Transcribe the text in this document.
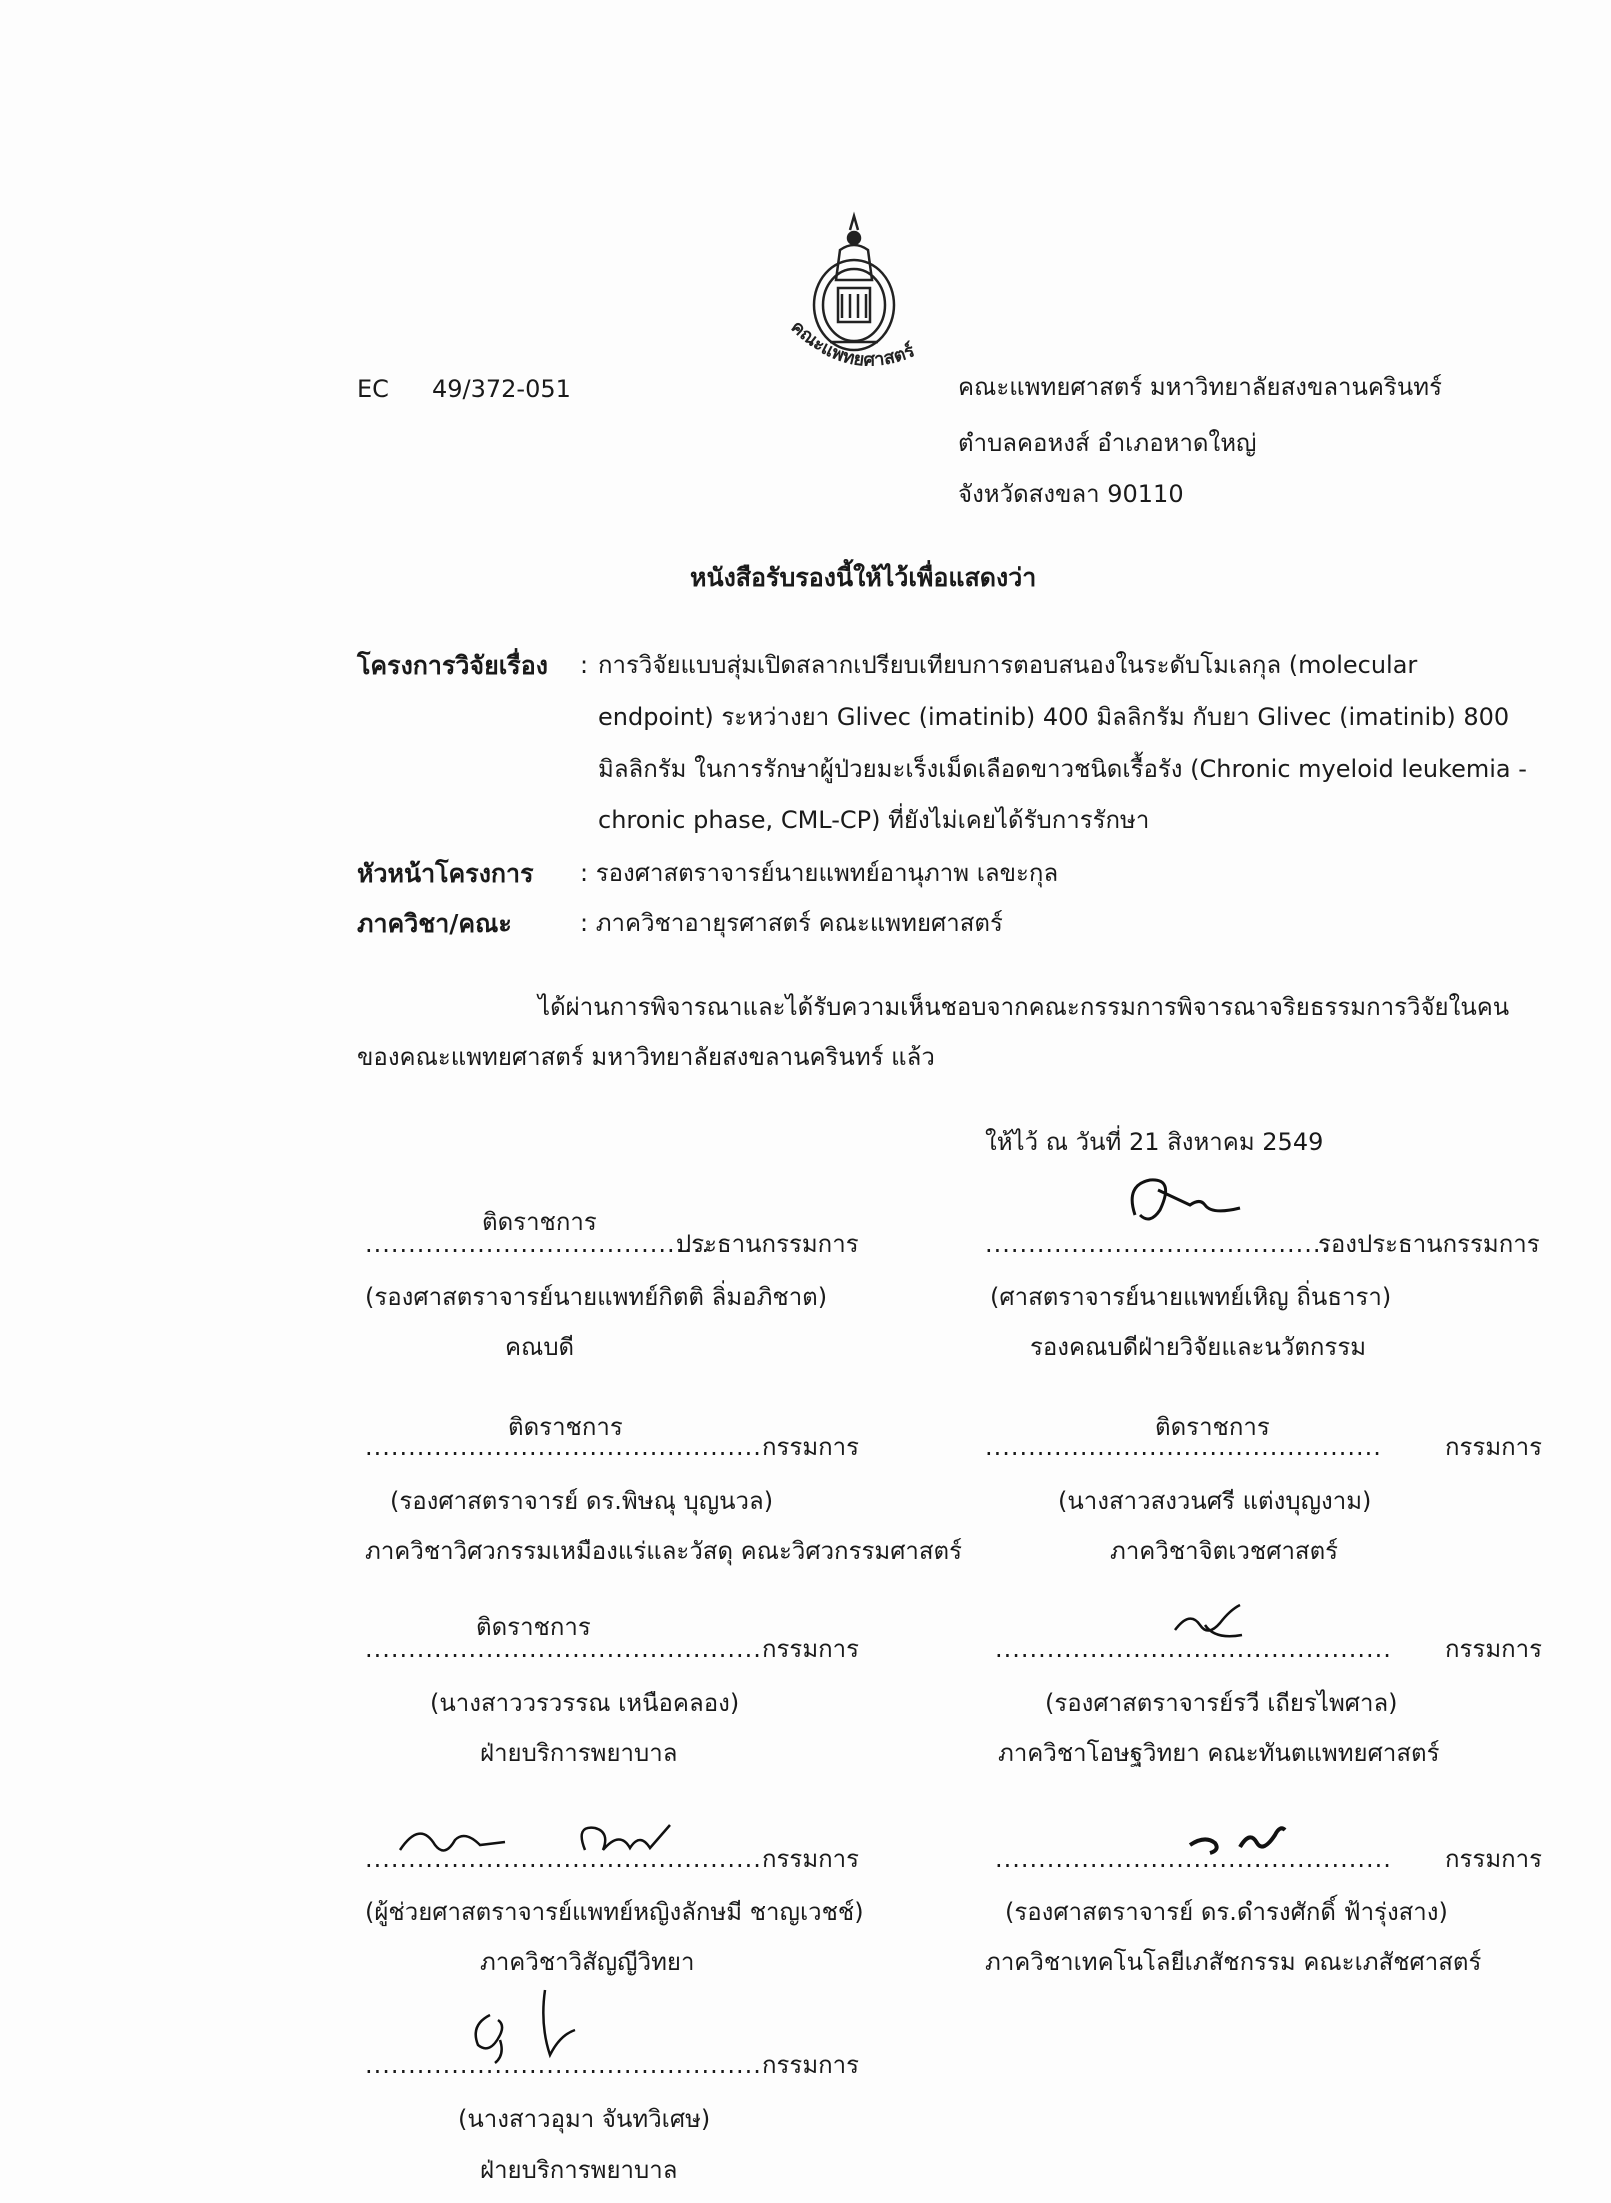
คณะแพทยศาสตร์
EC 49/372-051	คณะแพทยศาสตร์ มหาวิทยาลัยสงขลานครินทร์
ตำบลคอหงส์ อำเภอหาดใหญ่
จังหวัดสงขลา 90110
หนังสือรับรองนี้ให้ไว้เพื่อแสดงว่า
โครงการวิจัยเรื่อง : การวิจัยแบบสุ่มเปิดสลากเปรียบเทียบการตอบสนองในระดับโมเลกุล (molecular
endpoint) ระหว่างยา Glivec (imatinib) 400 มิลลิกรัม กับยา Glivec (imatinib) 800
มิลลิกรัม ในการรักษาผู้ป่วยมะเร็งเม็ดเลือดขาวชนิดเรื้อรัง (Chronic myeloid leukemia -
chronic phase, CML-CP) ที่ยังไม่เคยได้รับการรักษา
หัวหน้าโครงการ : รองศาสตราจารย์นายแพทย์อานุภาพ เลขะกุล
ภาควิชา/คณะ	: ภาควิชาอายุรศาสตร์ คณะแพทยศาสตร์
ได้ผ่านการพิจารณาและได้รับความเห็นชอบจากคณะกรรมการพิจารณาจริยธรรมการวิจัยในคน
ของคณะแพทยศาสตร์ มหาวิทยาลัยสงขลานครินทร์ แล้ว
ให้ไว้ ณ วันที่ 21 สิงหาคม 2549
ติดราชการ
........................................
ประธานกรรมการ
(รองศาสตราจารย์นายแพทย์กิตติ ลิ่มอภิชาต)
คณบดี
........................................
รองประธานกรรมการ
(ศาสตราจารย์นายแพทย์เหิญ ถิ่นธารา)
รองคณบดีฝ่ายวิจัยและนวัตกรรม
ติดราชการ
.............................................. กรรมการ
(รองศาสตราจารย์ ดร.พิษณุ บุญนวล)
ภาควิชาวิศวกรรมเหมืองแร่และวัสดุ คณะวิศวกรรมศาสตร์
ติดราชการ
..............................................	กรรมการ
(นางสาวสงวนศรี แต่งบุญงาม)
ภาควิชาจิตเวชศาสตร์
ติดราชการ
.............................................. กรรมการ
(นางสาววรวรรณ เหนือคลอง)
ฝ่ายบริการพยาบาล
.............................................. กรรมการ
(รองศาสตราจารย์รวี เถียรไพศาล)
ภาควิชาโอษฐวิทยา คณะทันตแพทยศาสตร์
.............................................. กรรมการ
(ผู้ช่วยศาสตราจารย์แพทย์หญิงลักษมี ชาญเวชช์)
ภาควิชาวิสัญญีวิทยา
.............................................. กรรมการ
(รองศาสตราจารย์ ดร.ดำรงศักดิ์ ฟ้ารุ่งสาง)
ภาควิชาเทคโนโลยีเภสัชกรรม คณะเภสัชศาสตร์
.............................................. กรรมการ
(นางสาวอุมา จันทวิเศษ)
ฝ่ายบริการพยาบาล
